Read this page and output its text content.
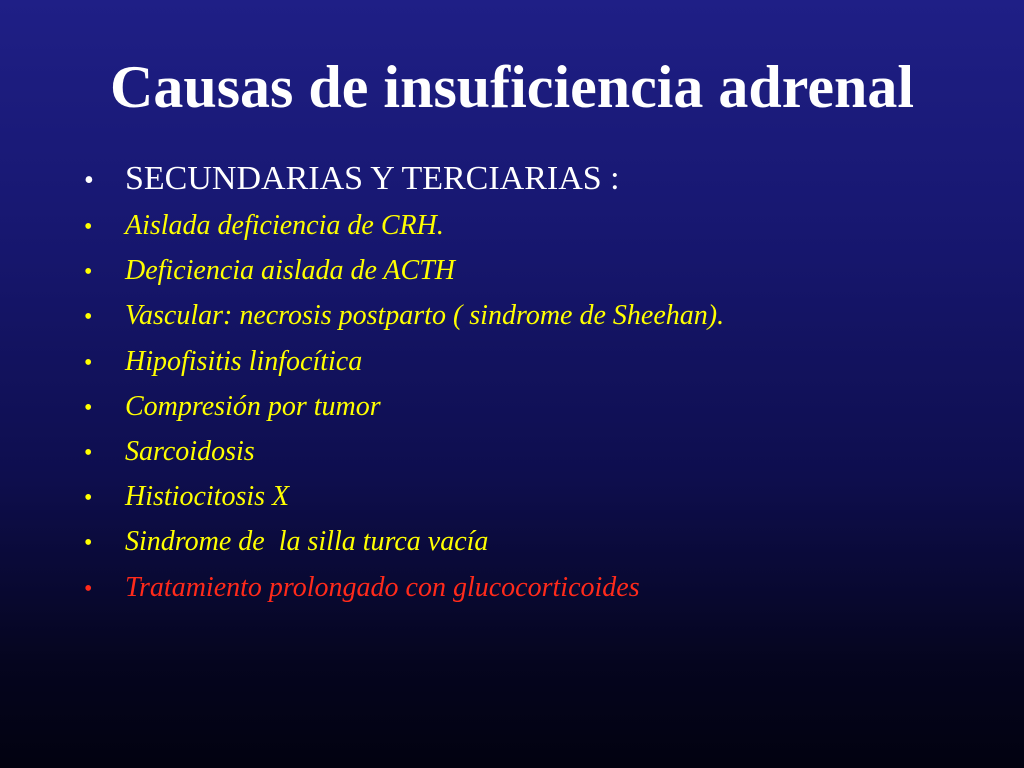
Causas de insuficiencia adrenal
• SECUNDARIAS Y TERCIARIAS :
•	Aislada deficiencia de CRH.
•	Deficiencia aislada de ACTH
•	Vascular: necrosis postparto ( sindrome de Sheehan).
•	Hipofisitis linfocítica
•	Compresión por tumor
•	Sarcoidosis
•	Histiocitosis X
•	Sindrome de  la silla turca vacía
•	Tratamiento prolongado con glucocorticoides
